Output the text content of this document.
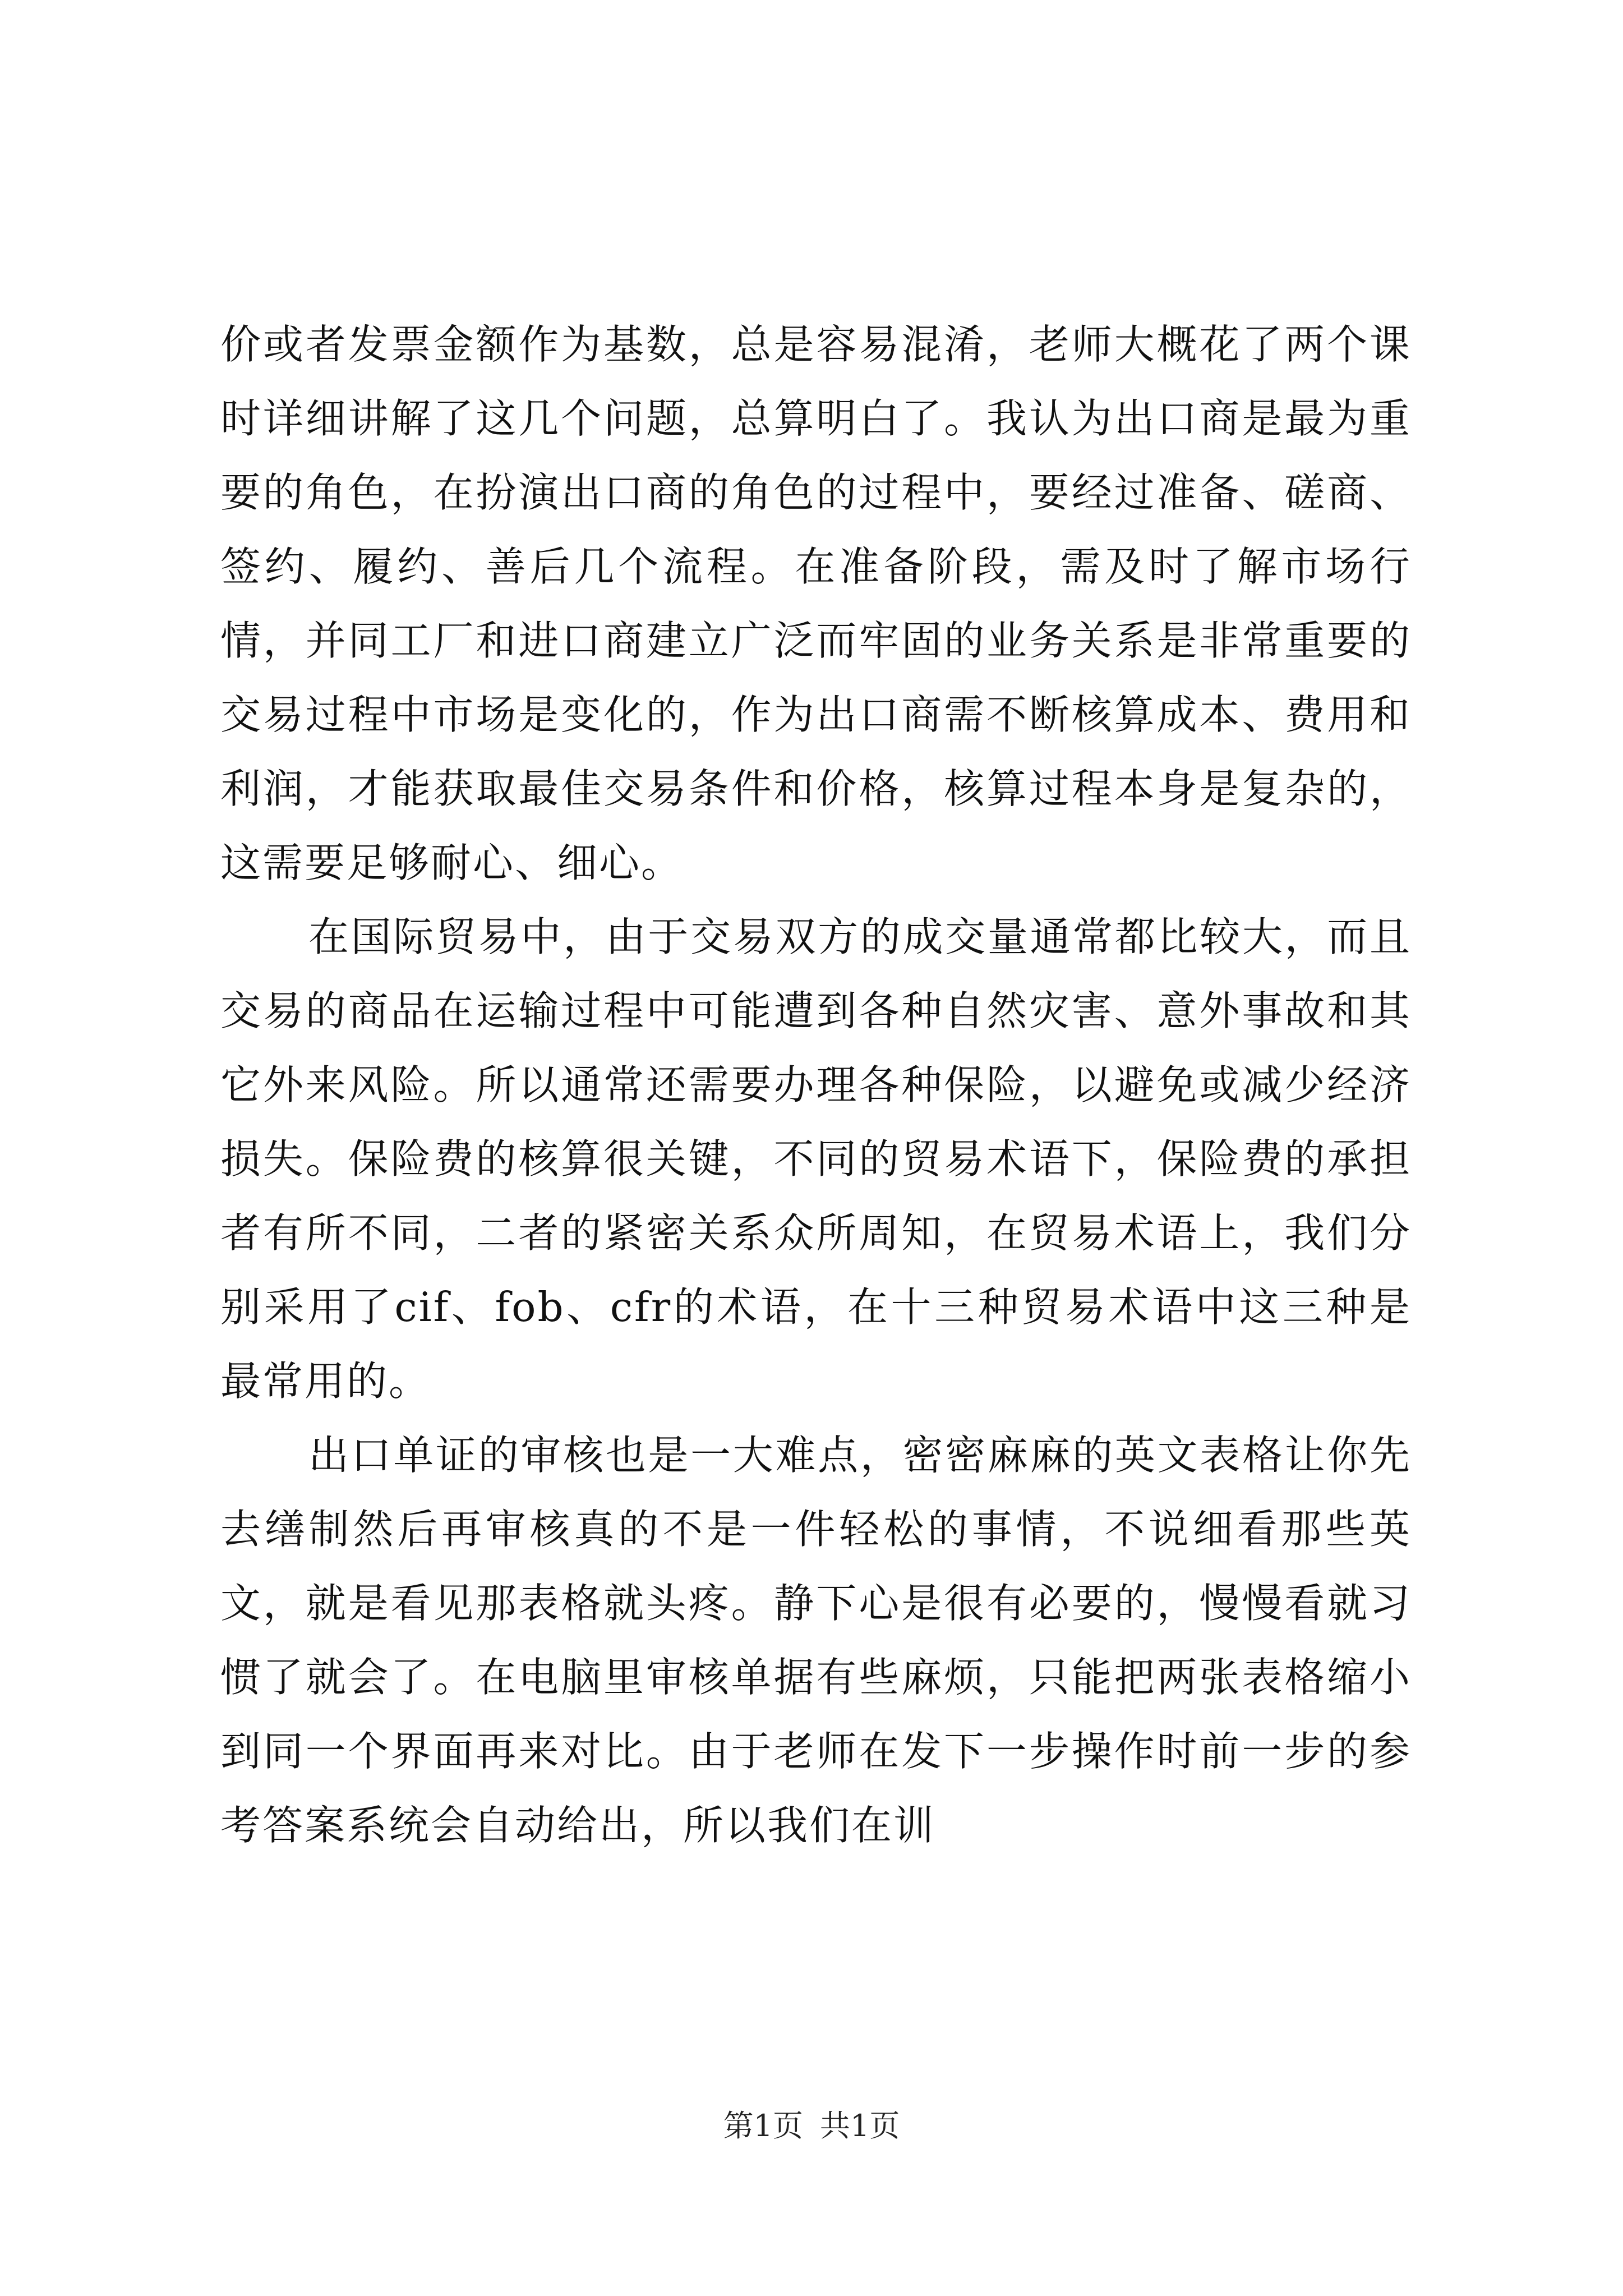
价或者发票金额作为基数，总是容易混淆，老师大概花了两个课时详细讲解了这几个问题，总算明白了。我认为出口商是最为重要的角色，在扮演出口商的角色的过程中，要经过准备、磋商、签约、履约、善后几个流程。在准备阶段，需及时了解市场行情，并同工厂和进口商建立广泛而牢固的业务关系是非常重要的交易过程中市场是变化的，作为出口商需不断核算成本、费用和利润，才能获取最佳交易条件和价格，核算过程本身是复杂的，这需要足够耐心、细心。

在国际贸易中，由于交易双方的成交量通常都比较大，而且交易的商品在运输过程中可能遭到各种自然灾害、意外事故和其它外来风险。所以通常还需要办理各种保险，以避免或减少经济损失。保险费的核算很关键，不同的贸易术语下，保险费的承担者有所不同，二者的紧密关系众所周知，在贸易术语上，我们分别采用了cif、fob、cfr的术语，在十三种贸易术语中这三种是最常用的。

出口单证的审核也是一大难点，密密麻麻的英文表格让你先去缮制然后再审核真的不是一件轻松的事情，不说细看那些英文，就是看见那表格就头疼。静下心是很有必要的，慢慢看就习惯了就会了。在电脑里审核单据有些麻烦，只能把两张表格缩小到同一个界面再来对比。由于老师在发下一步操作时前一步的参考答案系统会自动给出，所以我们在训

第1页 共1页
